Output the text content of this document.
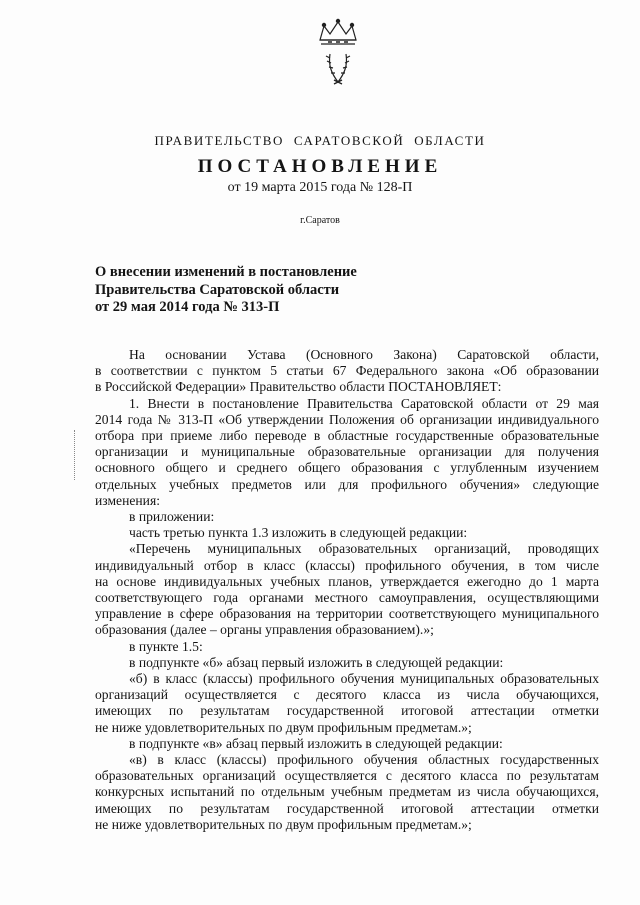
ПРАВИТЕЛЬСТВО САРАТОВСКОЙ ОБЛАСТИ
ПОСТАНОВЛЕНИЕ
от 19 марта 2015 года № 128-П
г.Саратов
О внесении изменений в постановление
Правительства Саратовской области
от 29 мая 2014 года № 313-П
На основании Устава (Основного Закона) Саратовской области,
в соответствии с пунктом 5 статьи 67 Федерального закона «Об образовании
в Российской Федерации» Правительство области ПОСТАНОВЛЯЕТ:
1. Внести в постановление Правительства Саратовской области от 29 мая
2014 года № 313-П «Об утверждении Положения об организации индивидуального
отбора при приеме либо переводе в областные государственные образовательные
организации и муниципальные образовательные организации для получения
основного общего и среднего общего образования с углубленным изучением
отдельных учебных предметов или для профильного обучения» следующие
изменения:
в приложении:
часть третью пункта 1.3 изложить в следующей редакции:
«Перечень муниципальных образовательных организаций, проводящих
индивидуальный отбор в класс (классы) профильного обучения, в том числе
на основе индивидуальных учебных планов, утверждается ежегодно до 1 марта
соответствующего года органами местного самоуправления, осуществляющими
управление в сфере образования на территории соответствующего муниципального
образования (далее – органы управления образованием).»;
в пункте 1.5:
в подпункте «б» абзац первый изложить в следующей редакции:
«б) в класс (классы) профильного обучения муниципальных образовательных
организаций осуществляется с десятого класса из числа обучающихся,
имеющих по результатам государственной итоговой аттестации отметки
не ниже удовлетворительных по двум профильным предметам.»;
в подпункте «в» абзац первый изложить в следующей редакции:
«в) в класс (классы) профильного обучения областных государственных
образовательных организаций осуществляется с десятого класса по результатам
конкурсных испытаний по отдельным учебным предметам из числа обучающихся,
имеющих по результатам государственной итоговой аттестации отметки
не ниже удовлетворительных по двум профильным предметам.»;
